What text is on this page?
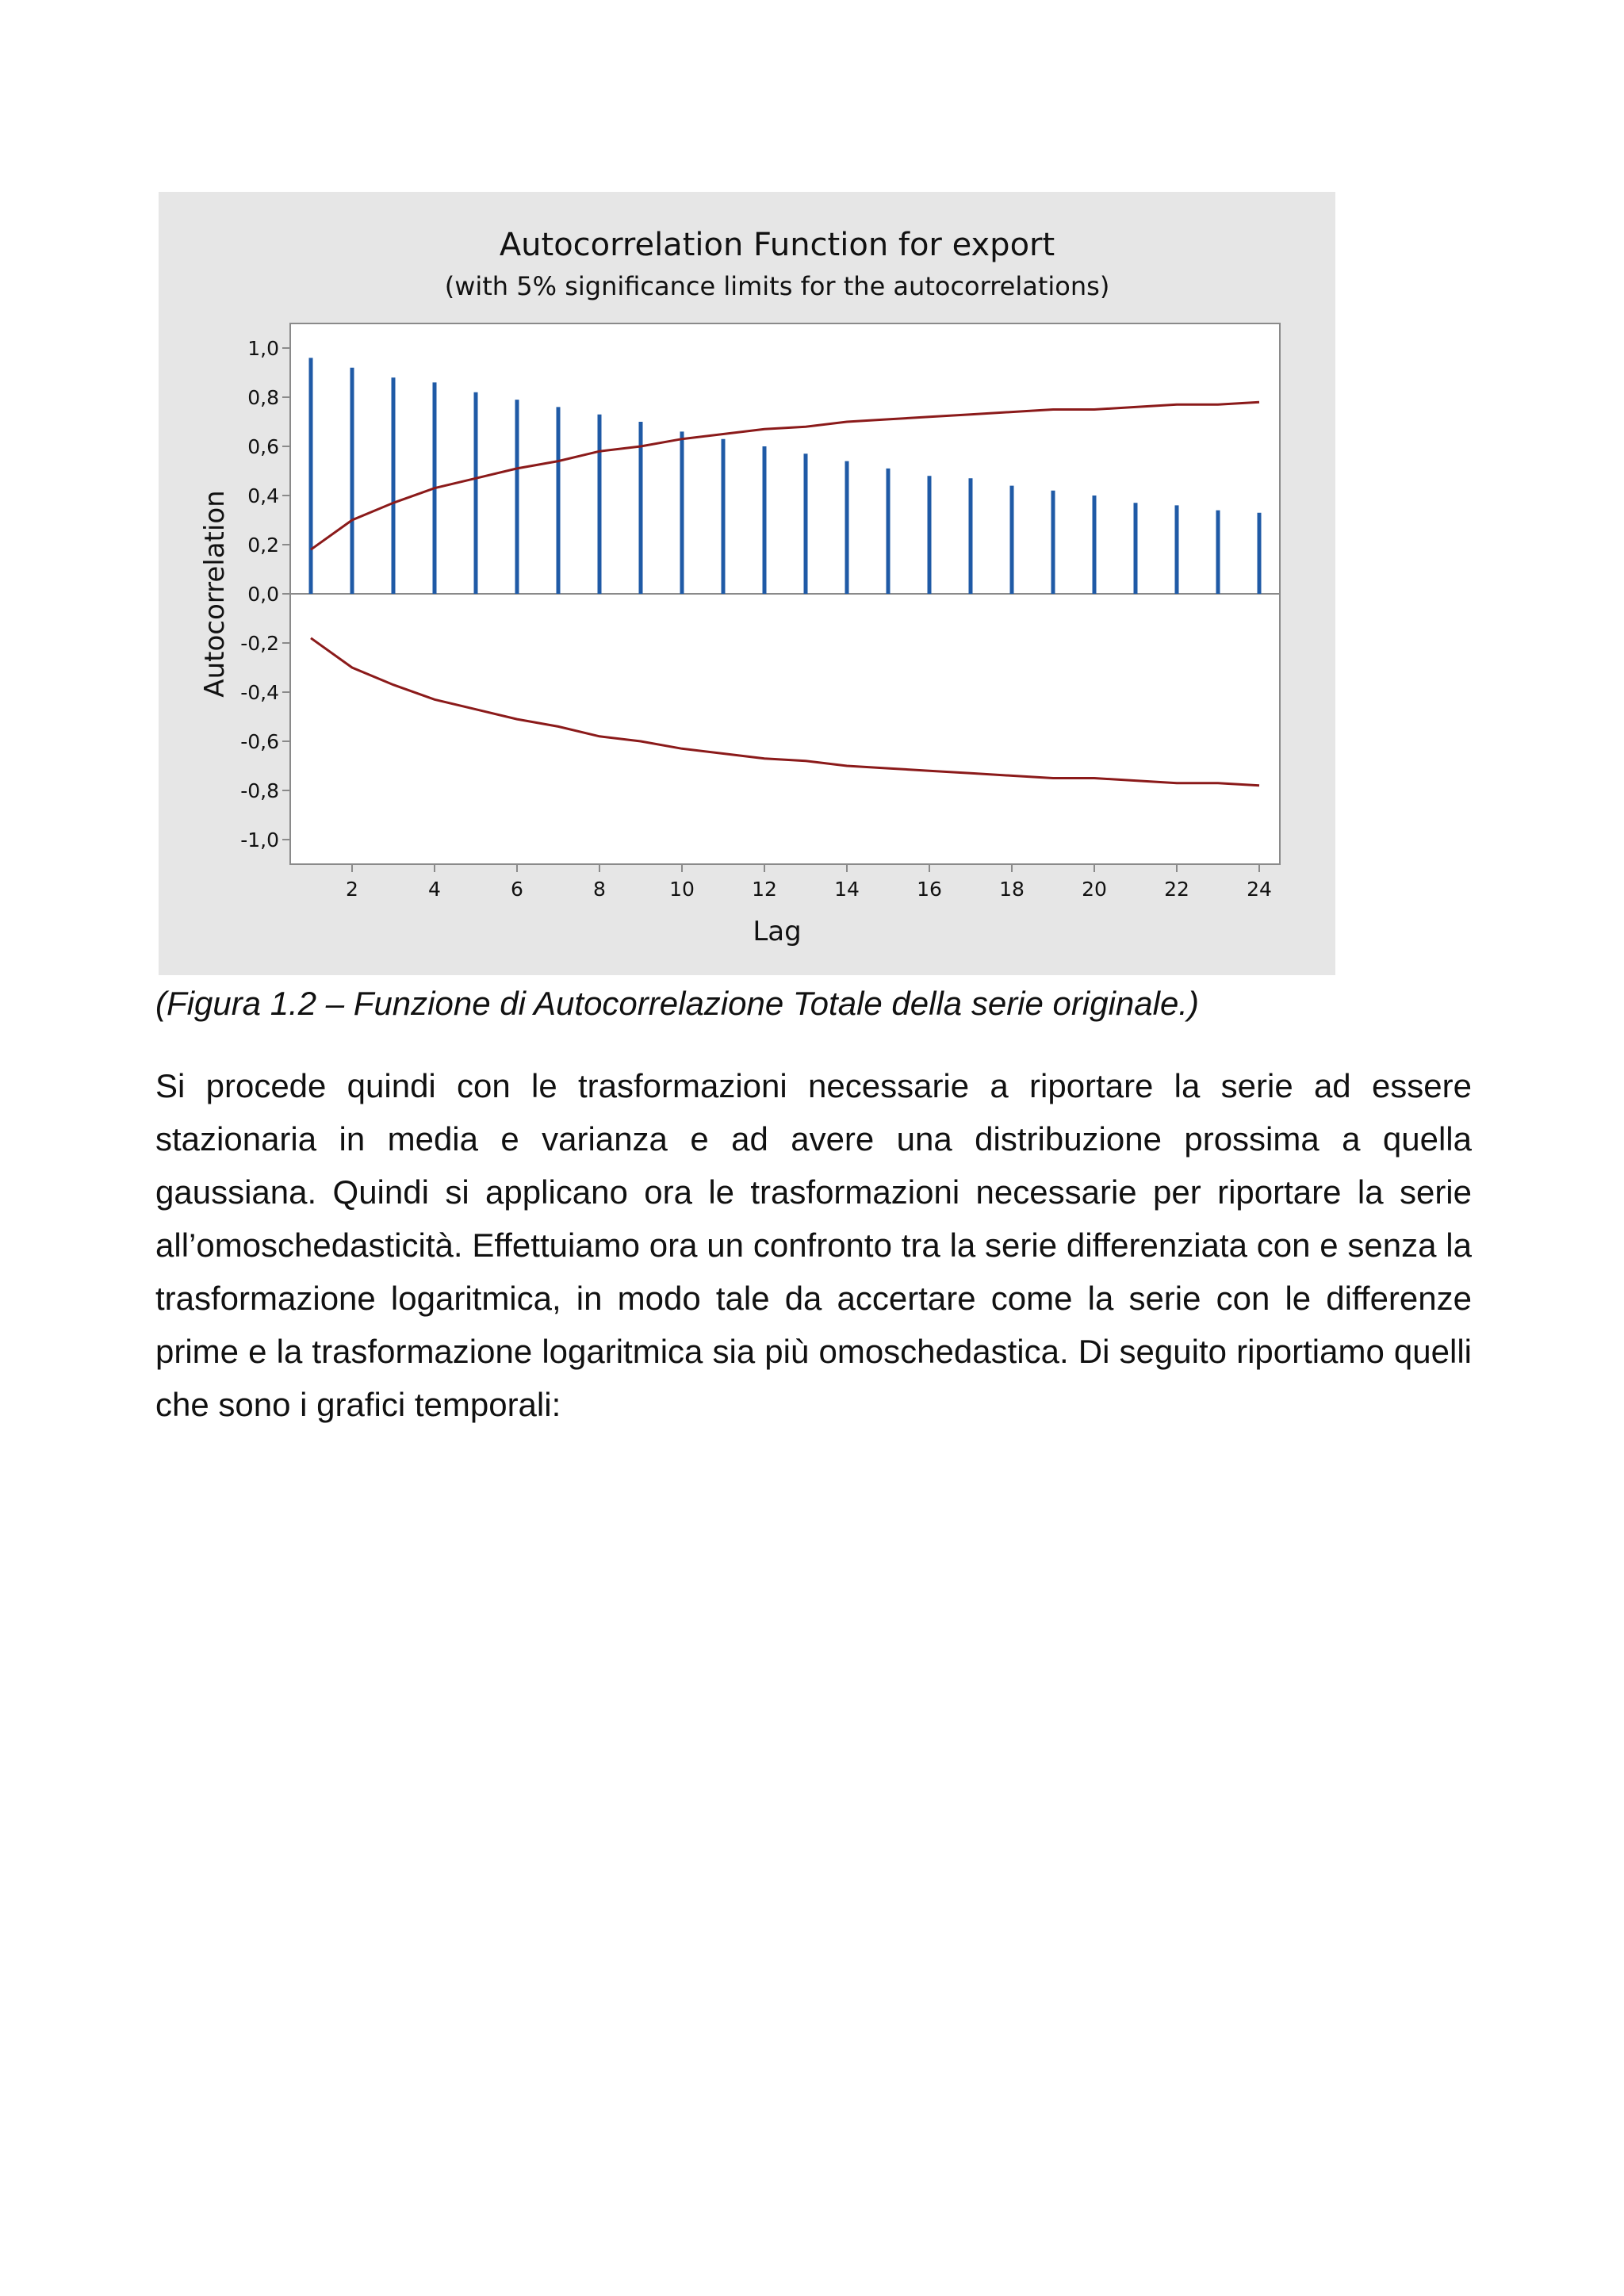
Autocorrelation Function for export
(with 5% significance limits for the autocorrelations)
1,0
0,8
0,6
0,4
0,2
0,0
-0,2
-0,4
-0,6
-0,8
-1,0
2	4	6	8	10	12	14	16	18	20	22	24
Lag
Autocorrelation

(Figura 1.2 – Funzione di Autocorrelazione Totale della serie originale.)

Si procede quindi con le trasformazioni necessarie a riportare la serie ad essere stazionaria in media e varianza e ad avere una distribuzione prossima a quella gaussiana. Quindi si applicano ora le trasformazioni necessarie per riportare la serie all’omoschedasticità. Effettuiamo ora un confronto tra la serie differenziata con e senza la trasformazione logaritmica, in modo tale da accertare come la serie con le differenze prime e la trasformazione logaritmica sia più omoschedastica. Di seguito riportiamo quelli che sono i grafici temporali:
